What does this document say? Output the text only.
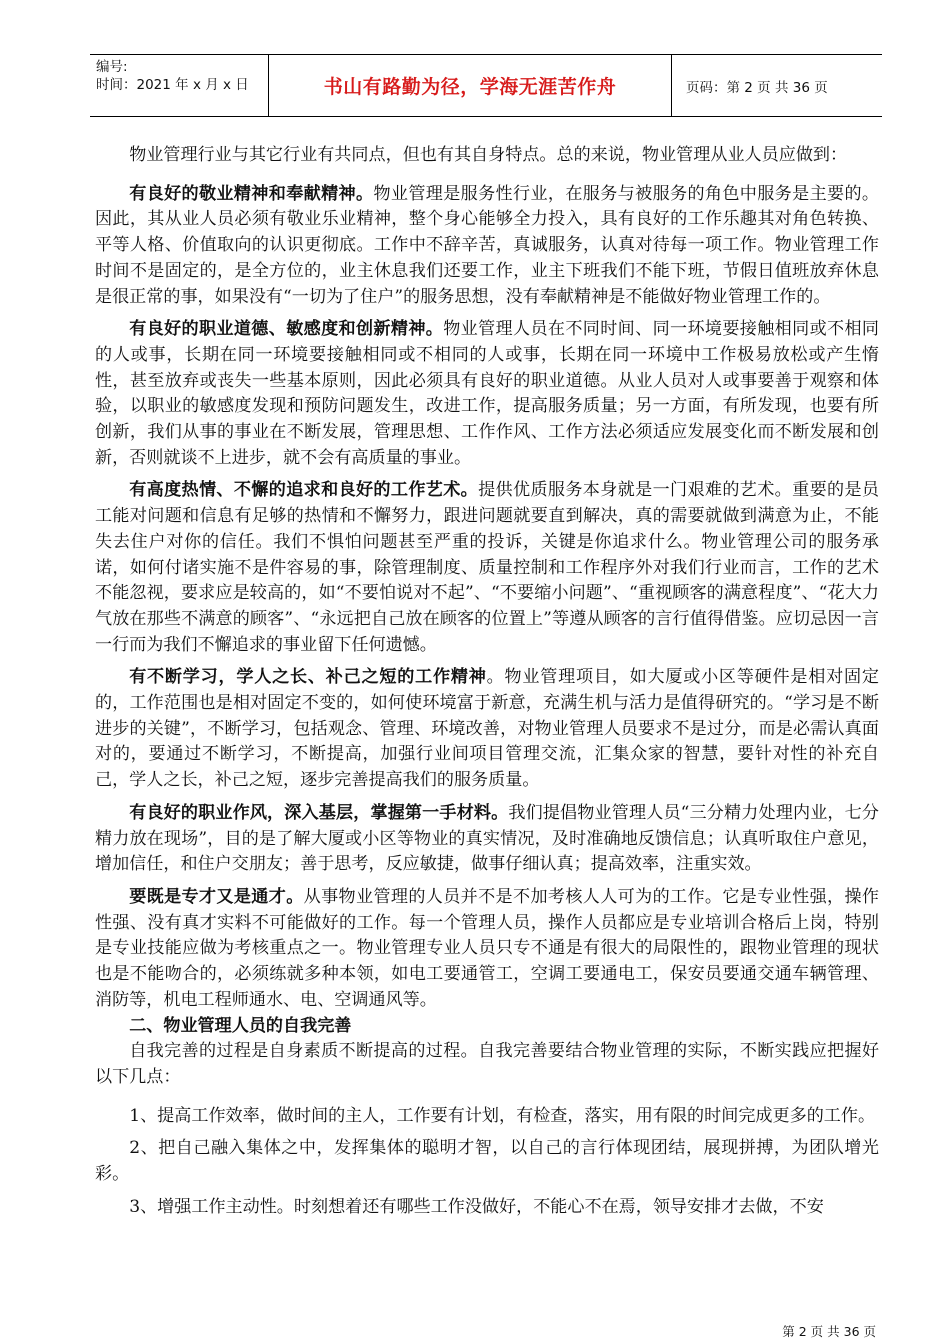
编号:
时间：2021 年 x 月 x 日	书山有路勤为径，学海无涯苦作舟	页码：第 2 页 共 36 页

物业管理行业与其它行业有共同点，但也有其自身特点。总的来说，物业管理从业人员应做到：

有良好的敬业精神和奉献精神。物业管理是服务性行业，在服务与被服务的角色中服务是主要的。因此，其从业人员必须有敬业乐业精神，整个身心能够全力投入，具有良好的工作乐趣其对角色转换、平等人格、价值取向的认识更彻底。工作中不辞辛苦，真诚服务，认真对待每一项工作。物业管理工作时间不是固定的，是全方位的，业主休息我们还要工作，业主下班我们不能下班，节假日值班放弃休息是很正常的事，如果没有“一切为了住户”的服务思想，没有奉献精神是不能做好物业管理工作的。

有良好的职业道德、敏感度和创新精神。物业管理人员在不同时间、同一环境要接触相同或不相同的人或事，长期在同一环境要接触相同或不相同的人或事，长期在同一环境中工作极易放松或产生惰性，甚至放弃或丧失一些基本原则，因此必须具有良好的职业道德。从业人员对人或事要善于观察和体验，以职业的敏感度发现和预防问题发生，改进工作，提高服务质量；另一方面，有所发现，也要有所创新，我们从事的事业在不断发展，管理思想、工作作风、工作方法必须适应发展变化而不断发展和创新，否则就谈不上进步，就不会有高质量的事业。

有高度热情、不懈的追求和良好的工作艺术。提供优质服务本身就是一门艰难的艺术。重要的是员工能对问题和信息有足够的热情和不懈努力，跟进问题就要直到解决，真的需要就做到满意为止，不能失去住户对你的信任。我们不惧怕问题甚至严重的投诉，关键是你追求什么。物业管理公司的服务承诺，如何付诸实施不是件容易的事，除管理制度、质量控制和工作程序外对我们行业而言，工作的艺术不能忽视，要求应是较高的，如“不要怕说对不起”、“不要缩小问题”、“重视顾客的满意程度”、“花大力气放在那些不满意的顾客”、“永远把自己放在顾客的位置上”等遵从顾客的言行值得借鉴。应切忌因一言一行而为我们不懈追求的事业留下任何遗憾。

有不断学习，学人之长、补己之短的工作精神。物业管理项目，如大厦或小区等硬件是相对固定的，工作范围也是相对固定不变的，如何使环境富于新意，充满生机与活力是值得研究的。“学习是不断进步的关键”，不断学习，包括观念、管理、环境改善，对物业管理人员要求不是过分，而是必需认真面对的，要通过不断学习，不断提高，加强行业间项目管理交流，汇集众家的智慧，要针对性的补充自己，学人之长，补己之短，逐步完善提高我们的服务质量。

有良好的职业作风，深入基层，掌握第一手材料。我们提倡物业管理人员“三分精力处理内业，七分精力放在现场”，目的是了解大厦或小区等物业的真实情况，及时准确地反馈信息；认真听取住户意见，增加信任，和住户交朋友；善于思考，反应敏捷，做事仔细认真；提高效率，注重实效。

要既是专才又是通才。从事物业管理的人员并不是不加考核人人可为的工作。它是专业性强，操作性强、没有真才实料不可能做好的工作。每一个管理人员，操作人员都应是专业培训合格后上岗，特别是专业技能应做为考核重点之一。物业管理专业人员只专不通是有很大的局限性的，跟物业管理的现状也是不能吻合的，必须练就多种本领，如电工要通管工，空调工要通电工，保安员要通交通车辆管理、消防等，机电工程师通水、电、空调通风等。

二、物业管理人员的自我完善

自我完善的过程是自身素质不断提高的过程。自我完善要结合物业管理的实际，不断实践应把握好以下几点：

1、提高工作效率，做时间的主人，工作要有计划，有检查，落实，用有限的时间完成更多的工作。

2、把自己融入集体之中，发挥集体的聪明才智，以自己的言行体现团结，展现拼搏，为团队增光彩。

3、增强工作主动性。时刻想着还有哪些工作没做好，不能心不在焉，领导安排才去做，不安

第 2 页 共 36 页
